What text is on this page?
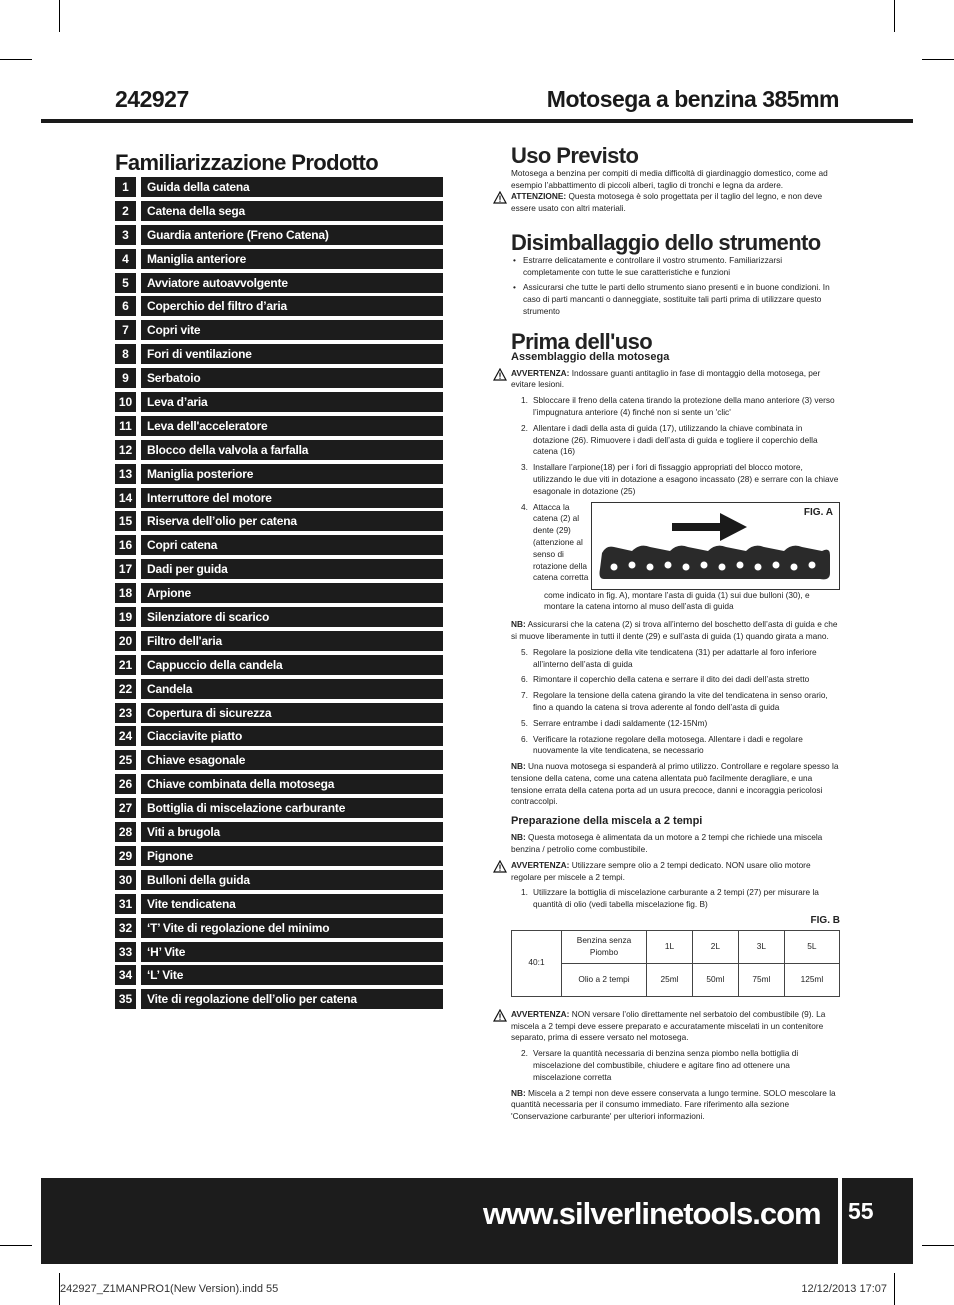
242927	Motosega a benzina 385mm
Familiarizzazione Prodotto
1	Guida della catena
2	Catena della sega
3	Guardia anteriore (Freno Catena)
4	Maniglia anteriore
5	Avviatore autoavvolgente
6	Coperchio del filtro d’aria
7	Copri vite
8	Fori di ventilazione
9	Serbatoio
10	Leva d’aria
11	Leva dell'acceleratore
12	Blocco della valvola a farfalla
13	Maniglia posteriore
14	Interruttore del motore
15	Riserva dell’olio per catena
16	Copri catena
17	Dadi per guida
18	Arpione
19	Silenziatore di scarico
20	Filtro dell'aria
21	Cappuccio della candela
22	Candela
23	Copertura di sicurezza
24	Ciacciavite piatto
25	Chiave esagonale
26	Chiave combinata della motosega
27	Bottiglia di miscelazione carburante
28	Viti a brugola
29	Pignone
30	Bulloni della guida
31	Vite tendicatena
32	‘T’ Vite di regolazione del minimo
33	‘H’ Vite
34	‘L’ Vite
35	Vite di regolazione dell’olio per catena
Uso Previsto

Motosega a benzina per compiti di media difficoltà di giardinaggio domestico, come ad esempio l’abbattimento di piccoli alberi, taglio di tronchi e legna da ardere.

ATTENZIONE: Questa motosega è solo progettata per il taglio del legno, e non deve essere usato con altri materiali.

Disimballaggio dello strumento
• Estrarre delicatamente e controllare il vostro strumento. Familiarizzarsi completamente con tutte le sue caratteristiche e funzioni
• Assicurarsi che tutte le parti dello strumento siano presenti e in buone condizioni. In caso di parti mancanti o danneggiate, sostituite tali parti prima di utilizzare questo strumento
Prima dell'uso
Assemblaggio della motosega

AVVERTENZA: Indossare guanti antitaglio in fase di montaggio della motosega, per evitare lesioni.

1. Sbloccare il freno della catena tirando la protezione della mano anteriore (3) verso l’impugnatura anteriore (4) finché non si sente un 'clic'
2. Allentare i dadi della asta di guida (17), utilizzando la chiave combinata in dotazione (26). Rimuovere i dadi dell’asta di guida e togliere il coperchio della catena (16)
3. Installare l’arpione(18) per i fori di fissaggio appropriati del blocco motore, utilizzando le due viti in dotazione a esagono incassato (28) e serrare con la chiave esagonale in dotazione (25)
4. Attacca la catena (2) al dente (29) (attenzione al senso di rotazione della catena corretta
FIG. A

come indicato in fig. A), montare l’asta di guida (1) sui due bulloni (30), e montare la catena intorno al muso dell’asta di guida

NB: Assicurarsi che la catena (2) si trova all’interno del boschetto dell’asta di guida e che si muove liberamente in tutti il dente (29) e sull’asta di guida (1) quando girata a mano.

5. Regolare la posizione della vite tendicatena (31) per adattarle al foro inferiore all’interno dell’asta di guida
6. Rimontare il coperchio della catena e serrare il dito dei dadi dell’asta stretto
7. Regolare la tensione della catena girando la vite del tendicatena in senso orario, fino a quando la catena si trova aderente al fondo dell’asta di guida
5. Serrare entrambe i dadi saldamente (12-15Nm)
6. Verificare la rotazione regolare della motosega. Allentare i dadi e regolare nuovamente la vite tendicatena, se necessario

NB: Una nuova motosega si espanderà al primo utilizzo. Controllare e regolare spesso la tensione della catena, come una catena allentata può facilmente deragliare, e una tensione errata della catena porta ad un usura precoce, danni e incoraggia pericolosi contraccolpi.

Preparazione della miscela a 2 tempi

NB: Questa motosega è alimentata da un motore a 2 tempi che richiede una miscela benzina / petrolio come combustibile.

AVVERTENZA: Utilizzare sempre olio a 2 tempi dedicato. NON usare olio motore regolare per miscele a 2 tempi.

1. Utilizzare la bottiglia di miscelazione carburante a 2 tempi (27) per misurare la quantità di olio (vedi tabella miscelazione fig. B)
FIG. B
40:1	Benzina senza Piombo	1L	2L	3L	5L
	Olio a 2 tempi	25ml	50ml	75ml	125ml

AVVERTENZA: NON versare l’olio direttamente nel serbatoio del combustibile (9). La miscela a 2 tempi deve essere preparato e accuratamente miscelati in un contenitore separato, prima di essere versato nel motosega.

2. Versare la quantità necessaria di benzina senza piombo nella bottiglia di miscelazione del combustibile, chiudere e agitare fino ad ottenere una miscelazione corretta

NB: Miscela a 2 tempi non deve essere conservata a lungo termine. SOLO mescolare la quantità necessaria per il consumo immediato. Fare riferimento alla sezione 'Conservazione carburante' per ulteriori informazioni.

www.silverlinetools.com 55
242927_Z1MANPRO1(New Version).indd 55	12/12/2013 17:07
